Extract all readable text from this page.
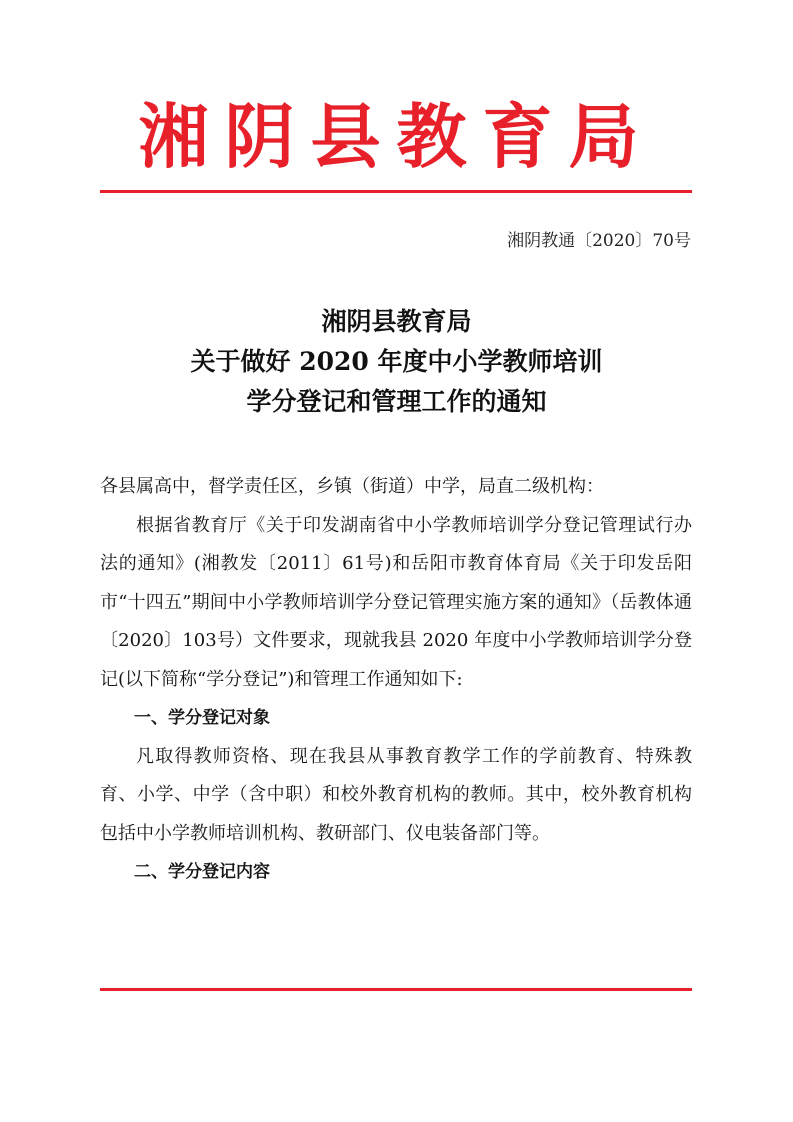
湘阴县教育局
湘阴教通〔2020〕70号
湘阴县教育局
关于做好 2020 年度中小学教师培训
学分登记和管理工作的通知

各县属高中，督学责任区，乡镇（街道）中学，局直二级机构：

根据省教育厅《关于印发湖南省中小学教师培训学分登记管理试行办法的通知》(湘教发〔2011〕61号)和岳阳市教育体育局《关于印发岳阳市“十四五”期间中小学教师培训学分登记管理实施方案的通知》（岳教体通〔2020〕103号）文件要求，现就我县 2020 年度中小学教师培训学分登记(以下简称“学分登记”)和管理工作通知如下:

一、学分登记对象

凡取得教师资格、现在我县从事教育教学工作的学前教育、特殊教育、小学、中学（含中职）和校外教育机构的教师。其中，校外教育机构包括中小学教师培训机构、教研部门、仪电装备部门等。

二、学分登记内容
